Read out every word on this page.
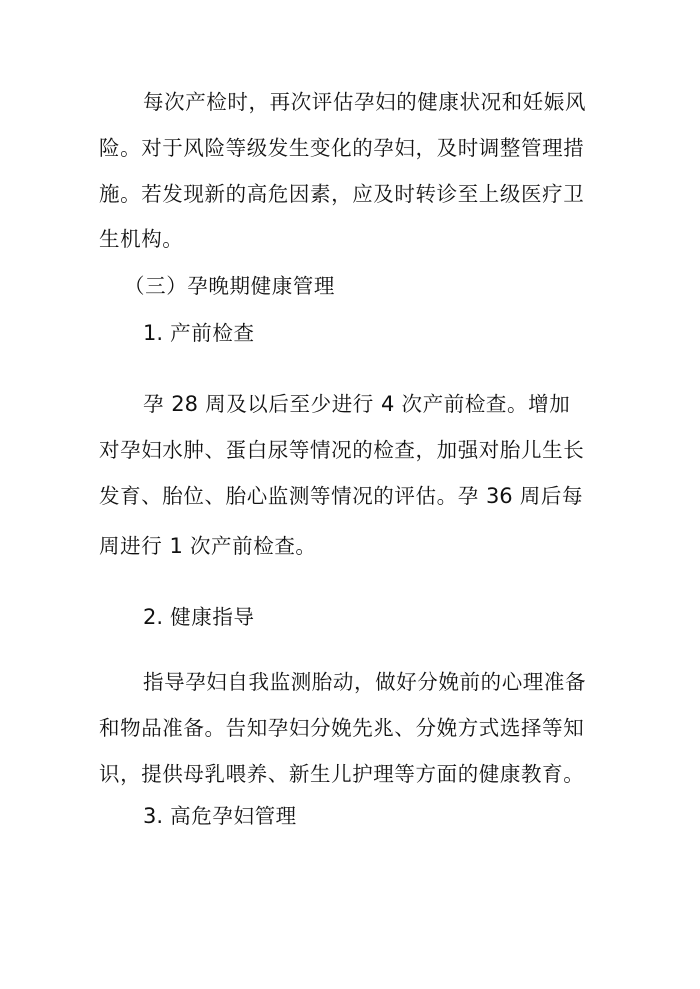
每次产检时，再次评估孕妇的健康状况和妊娠风
险。对于风险等级发生变化的孕妇，及时调整管理措
施。若发现新的高危因素，应及时转诊至上级医疗卫
生机构。
（三）孕晚期健康管理
1. 产前检查
孕 28 周及以后至少进行 4 次产前检查。增加
对孕妇水肿、蛋白尿等情况的检查，加强对胎儿生长
发育、胎位、胎心监测等情况的评估。孕 36 周后每
周进行 1 次产前检查。
2. 健康指导
指导孕妇自我监测胎动，做好分娩前的心理准备
和物品准备。告知孕妇分娩先兆、分娩方式选择等知
识，提供母乳喂养、新生儿护理等方面的健康教育。
3. 高危孕妇管理
